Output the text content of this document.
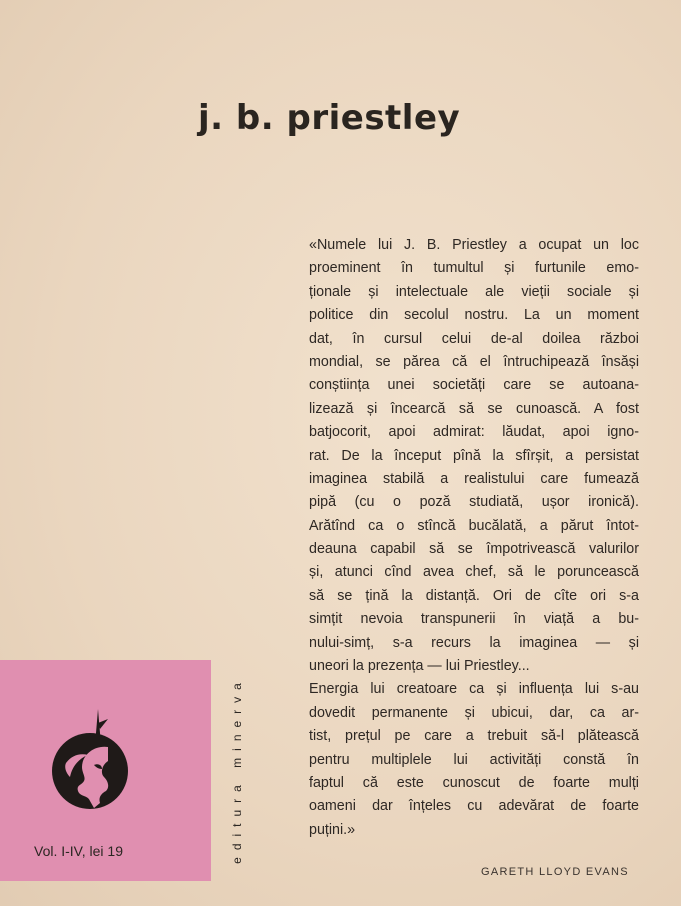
j. b. priestley
«Numele lui J. B. Priestley a ocupat un loc
proeminent în tumultul și furtunile emo-
ționale și intelectuale ale vieții sociale și
politice din secolul nostru. La un moment
dat, în cursul celui de-al doilea război
mondial, se părea că el întruchipează însăși
conștiința unei societăți care se autoana-
lizează și încearcă să se cunoască. A fost
batjocorit, apoi admirat: lăudat, apoi igno-
rat. De la început pînă la sfîrșit, a persistat
imaginea stabilă a realistului care fumează
pipă (cu o poză studiată, ușor ironică).
Arătînd ca o stîncă bucălată, a părut întot-
deauna capabil să se împotrivească valurilor
și, atunci cînd avea chef, să le poruncească
să se țină la distanță. Ori de cîte ori s-a
simțit nevoia transpunerii în viață a bu-
nului-simț, s-a recurs la imaginea — și
uneori la prezența — lui Priestley...
Energia lui creatoare ca și influența lui s-au
dovedit permanente și ubicui, dar, ca ar-
tist, prețul pe care a trebuit să-l plătească
pentru multiplele lui activități constă în
faptul că este cunoscut de foarte mulți
oameni dar înțeles cu adevărat de foarte
puțini.»
GARETH LLOYD EVANS
Vol. I-IV, lei 19	editura minerva
